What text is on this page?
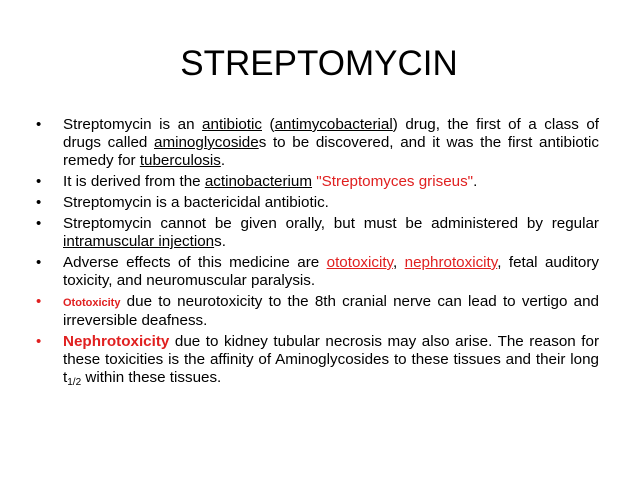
STREPTOMYCIN
• Streptomycin is an antibiotic (antimycobacterial) drug, the first of a class of drugs called aminoglycosides to be discovered, and it was the first antibiotic remedy for tuberculosis.
• It is derived from the actinobacterium "Streptomyces griseus".
• Streptomycin is a bactericidal antibiotic.
• Streptomycin cannot be given orally, but must be administered by regular intramuscular injections.
• Adverse effects of this medicine are ototoxicity, nephrotoxicity, fetal auditory toxicity, and neuromuscular paralysis.
• Ototoxicity due to neurotoxicity to the 8th cranial nerve can lead to vertigo and irreversible deafness.
• Nephrotoxicity due to kidney tubular necrosis may also arise. The reason for these toxicities is the affinity of Aminoglycosides to these tissues and their long $t_{1/2}$ within these tissues.
